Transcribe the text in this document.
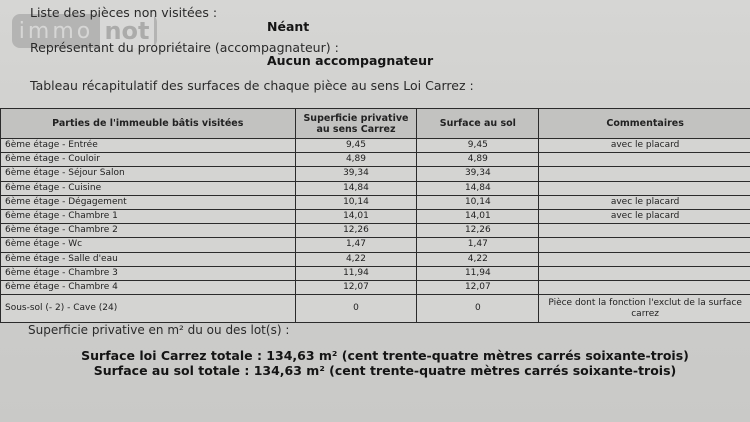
immo not
Liste des pièces non visitées :
Néant
Représentant du propriétaire (accompagnateur) :
Aucun accompagnateur
Tableau récapitulatif des surfaces de chaque pièce au sens Loi Carrez :
Parties de l'immeuble bâtis visitées	Superficie privative au sens Carrez	Surface au sol	Commentaires
6ème étage - Entrée	9,45	9,45	avec le placard
6ème étage - Couloir	4,89	4,89	
6ème étage - Séjour Salon	39,34	39,34	
6ème étage - Cuisine	14,84	14,84	
6ème étage - Dégagement	10,14	10,14	avec le placard
6ème étage - Chambre 1	14,01	14,01	avec le placard
6ème étage - Chambre 2	12,26	12,26	
6ème étage - Wc	1,47	1,47	
6ème étage - Salle d'eau	4,22	4,22	
6ème étage - Chambre 3	11,94	11,94	
6ème étage - Chambre 4	12,07	12,07	
Sous-sol (- 2) - Cave (24)	0	0	Pièce dont la fonction l'exclut de la surface carrez
Superficie privative en m² du ou des lot(s) :
Surface loi Carrez totale : 134,63 m² (cent trente-quatre mètres carrés soixante-trois)
Surface au sol totale : 134,63 m² (cent trente-quatre mètres carrés soixante-trois)
